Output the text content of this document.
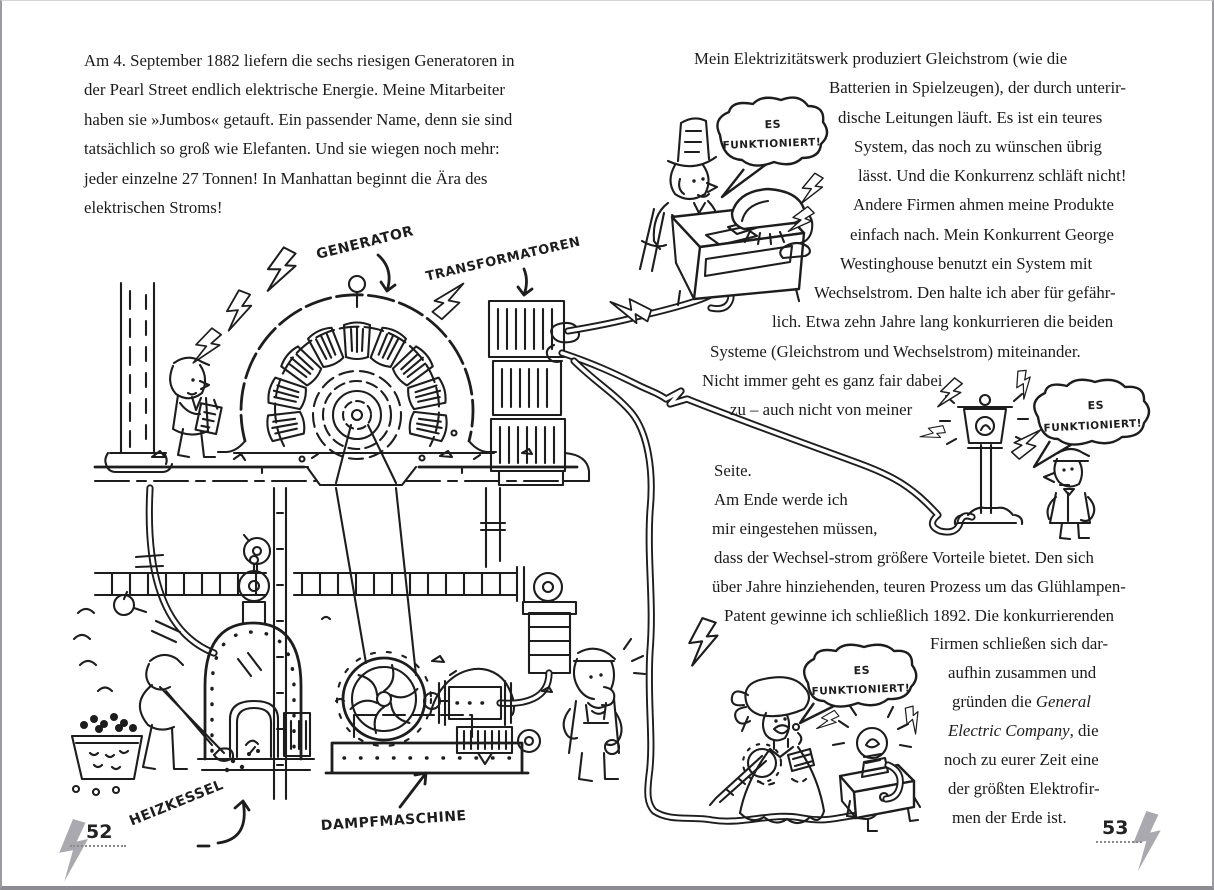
ES
FUNKTIONIERT!
ES
FUNKTIONIERT!
ES
FUNKTIONIERT!
GENERATOR TRANSFORMATOREN
HEIZKESSEL	DAMPFMASCHINE
Am 4. September 1882 liefern die sechs riesigen Generatoren in
der Pearl Street endlich elektrische Energie. Meine Mitarbeiter
haben sie »Jumbos« getauft. Ein passender Name, denn sie sind
tatsächlich so groß wie Elefanten. Und sie wiegen noch mehr:
jeder einzelne 27 Tonnen! In Manhattan beginnt die Ära des
elektrischen Stroms!
Mein Elektrizitätswerk produziert Gleichstrom (wie die
Batterien in Spielzeugen), der durch unterir-
dische Leitungen läuft. Es ist ein teures
System, das noch zu wünschen übrig
lässt. Und die Konkurrenz schläft nicht!
Andere Firmen ahmen meine Produkte
einfach nach. Mein Konkurrent George
Westinghouse benutzt ein System mit
Wechselstrom. Den halte ich aber für gefähr-
lich. Etwa zehn Jahre lang konkurrieren die beiden
Systeme (Gleichstrom und Wechselstrom) miteinander.
Nicht immer geht es ganz fair dabei
zu – auch nicht von meiner
Seite.
Am Ende werde ich
mir eingestehen müssen,
dass der Wechsel-strom größere Vorteile bietet. Den sich
über Jahre hinziehenden, teuren Prozess um das Glühlampen-
Patent gewinne ich schließlich 1892. Die konkurrierenden
Firmen schließen sich dar-
aufhin zusammen und
gründen die General
Electric Company, die
noch zu eurer Zeit eine
der größten Elektrofir-
men der Erde ist.
52	53
